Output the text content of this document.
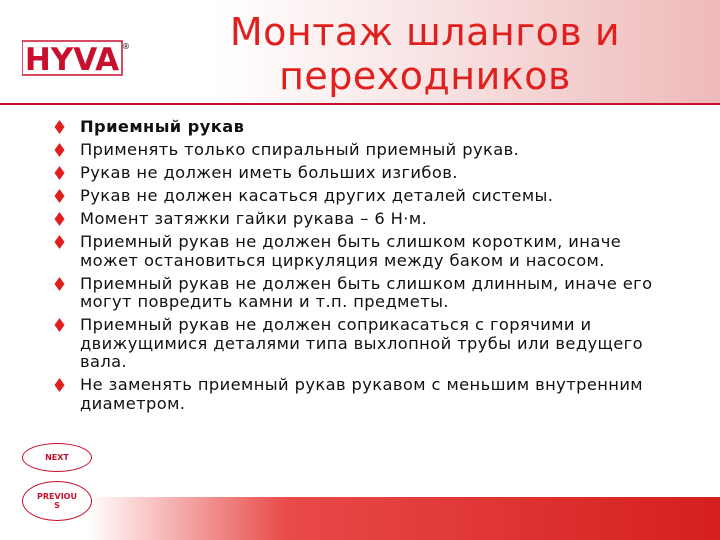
HYVA ®	Монтаж шлангов и
переходников
Приемный рукав
Применять только спиральный приемный рукав.
Рукав не должен иметь больших изгибов.
Рукав не должен касаться других деталей системы.
Момент затяжки гайки рукава – 6 Н·м.
Приемный рукав не должен быть слишком коротким, иначе может остановиться циркуляция между баком и насосом.
Приемный рукав не должен быть слишком длинным, иначе его могут повредить камни и т.п. предметы.
Приемный рукав не должен соприкасаться с горячими и движущимися деталями типа выхлопной трубы или ведущего вала.
Не заменять приемный рукав рукавом с меньшим внутренним диаметром.
NEXT
PREVIOUS
